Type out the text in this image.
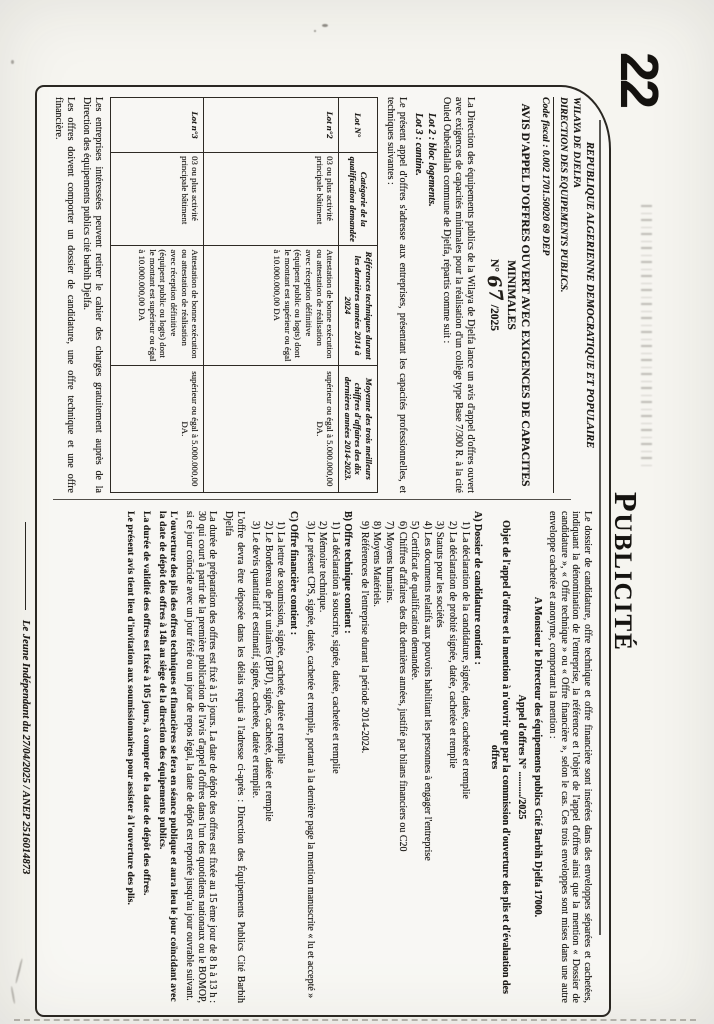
22
PUBLICITÉ
REPUBLIQUE ALGERIENNE DEMOCRATIQUE ET POPULAIRE
WILAYA DE DJELFA
DIRECTION DES EQUIPEMENTS PUBLICS.
Code fiscal : 0.002 1701.50020 69 DEP
AVIS D'APPEL D'OFFRES OUVERT AVEC EXIGENCES DE CAPACITES MINIMALES
N° 67 /2025
La Direction des équipements publics de la Wilaya de Djelfa lance un avis d'appel d'offres ouvert avec exigences de capacités minimales pour la réalisation d'un collège type Base 7/300 R. à la cité Ouled Oubeïdallah commune de Djelfa, répartis comme suit :
Lot 2 : bloc logements.
Lot 3 : cantine.
Le présent appel d'offres s'adresse aux entreprises, présentant les capacités professionnelles, et techniques suivantes :
Lot N°	Catégorie de la qualification demandée	Références techniques durant les dernières années 2014 à 2024	Moyenne des trois meilleurs chiffres d'affaires des dix dernières années 2014-2023.
Lot n°2	03 ou plus activité principale bâtiment	Attestation de bonne exécution ou attestation de réalisation avec réception définitive (équipent public ou logts) dont le montant est supérieur ou égal à 10.000.000,00 DA	supérieur ou égal à 5.000.000,00 DA.
Lot n°3	03 ou plus activité principale bâtiment	Attestation de bonne exécution ou attestation de réalisation avec réception définitive (équipent public ou logts) dont le montant est supérieur ou égal à 10.000.000,00 DA	supérieur ou égal à 5.000.000,00 DA.
Les entreprises intéressées peuvent retirer le cahier des charges gratuitement auprès de la Direction des équipements publics cité barbih Djelfa.
Les offres doivent comporter un dossier de candidature, une offre technique et une offre financière.
Le dossier de candidature, offre technique et offre financière sont insérées dans des enveloppes séparées et cachetées, indiquant la dénomination de l'entreprise, la référence et l'objet de l'appel d'offres ainsi que la mention « Dossier de candidature », « Offre technique » ou « Offre financière », selon le cas. Ces trois enveloppes sont mises dans une autre enveloppe cachetée et anonyme, comportant la mention :
A Monsieur le Directeur des équipements publics Cité Barbih Djelfa 17000.
Appel d'offres N° ........../2025
Objet de l'appel d'offres et la mention à n'ouvrir que par la commission d'ouverture des plis et d'évaluation des offres
A) Dossier de candidature contient :
1) La déclaration de la candidature, signée, datée, cachetée et remplie
2) La déclaration de probité signée, datée, cachetée et remplie
3) Statuts pour les sociétés
4) Les documents relatifs aux pouvoirs habilitant les personnes à engager l'entreprise
5) Certificat de qualification demandée.
6) Chiffres d'affaires des dix dernières années, justifié par bilans financiers ou C20
7) Moyens humains.
8) Moyens Matériels.
9) Références de l'entreprise durant la période 2014-2024.
B) Offre technique contient :
1) La déclaration à souscrire, signée, datée, cachetée et remplie
2) Mémoire technique.
3) Le présent CPS, signée, datée, cachetée et remplie, portant à la dernière page la mention manuscrite « lu et accepté »
C) Offre financière contient :
1) La lettre de soumission, signée, cachetée, datée et remplie
2) Le Bordereau de prix unitaires (BPU), signée, cachetée, datée et remplie
3) Le devis quantitatif et estimatif, signée, cachetée, datée et remplie.
L'offre devra être déposée dans les délais requis à l'adresse ci-après : Direction des Équipements Publics Cité Barbih Djelfa
La durée de préparation des offres est fixé à 15 jours. La date de dépôt des offres est fixée au 15 ème jour de 8 h à 13 h : 30 qui court à partir de la première publication de l'avis d'appel d'offres dans l'un des quotidiens nationaux ou le BOMOP, si ce jour coïncide avec un jour férié ou un jour de repos légal, la date de dépôt est reportée jusqu'au jour ouvrable suivant.
L'ouverture des plis des offres techniques et financières se fera en séance publique et aura lieu le jour coïncidant avec la date de dépôt des offres à 14h au siège de la direction des équipements publics.
La durée de validité des offres est fixée à 105 jours, à compter de la date de dépôt des offres.
Le présent avis tient lieu d'invitation aux soumissionnaires pour assister à l'ouverture des plis.
Le Jeune Indépendant du 27/04/2025 / ANEP 2516014873
